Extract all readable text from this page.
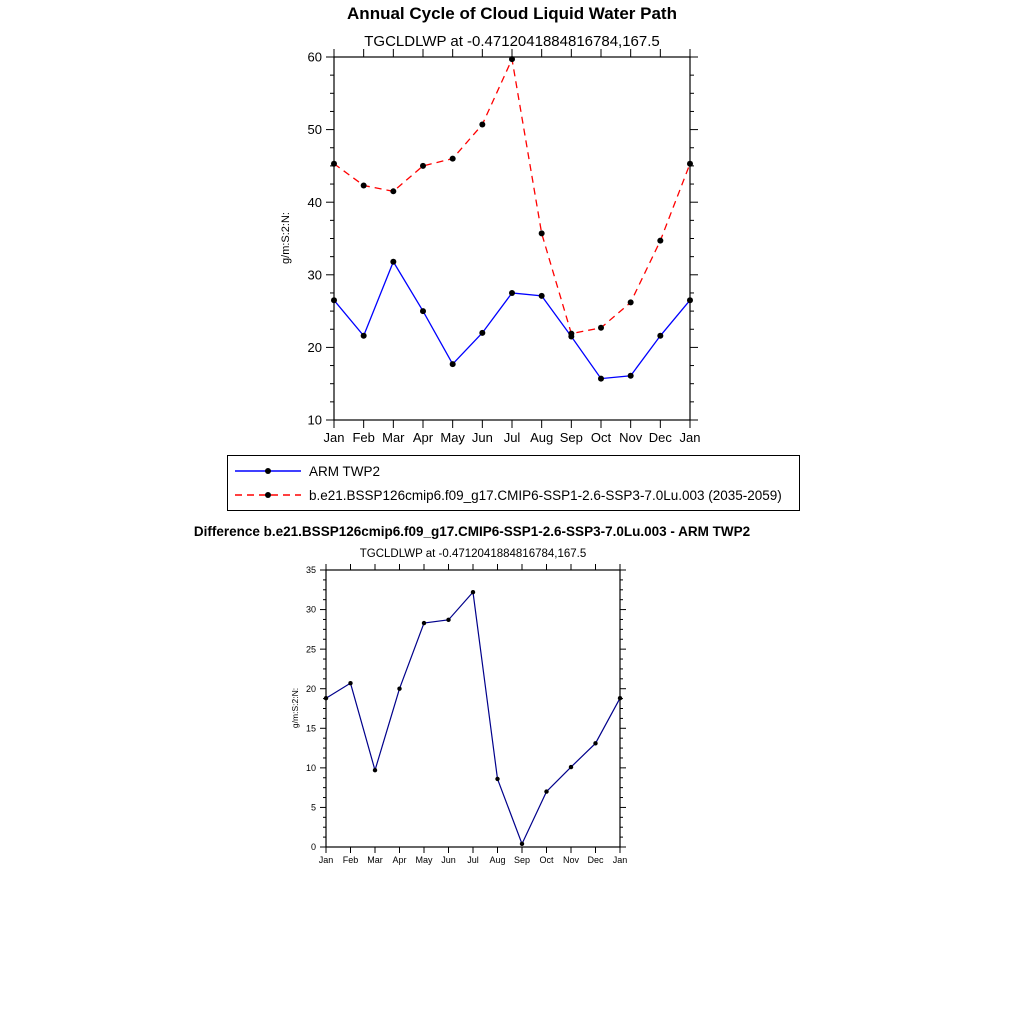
Annual Cycle of Cloud Liquid Water Path
TGCLDLWP at -0.4712041884816784,167.5
g/m:S:2:N:
10
20
30
40
50
60
Jan Feb Mar Apr May Jun Jul Aug Sep Oct Nov Dec Jan
0
5
10
15
20
25
30
35
Jan Feb Mar Apr May Jun Jul Aug Sep Oct Nov Dec Jan
ARM TWP2
b.e21.BSSP126cmip6.f09_g17.CMIP6-SSP1-2.6-SSP3-7.0Lu.003 (2035-2059)
Difference b.e21.BSSP126cmip6.f09_g17.CMIP6-SSP1-2.6-SSP3-7.0Lu.003 - ARM TWP2
TGCLDLWP at -0.4712041884816784,167.5
g/m:S:2:N:
